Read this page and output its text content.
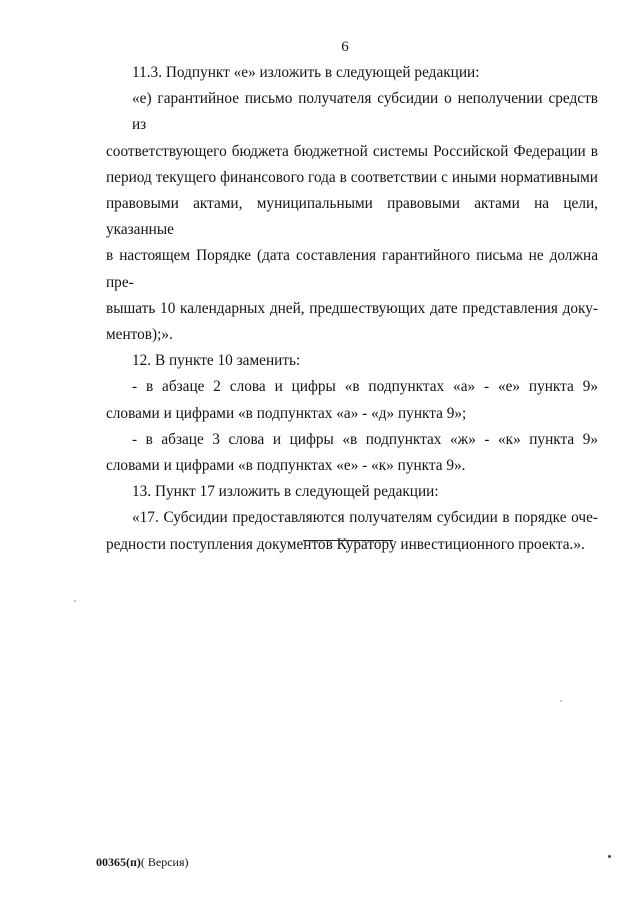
6

11.3. Подпункт «е» изложить в следующей редакции:

«е) гарантийное письмо получателя субсидии о неполучении средств из
соответствующего бюджета бюджетной системы Российской Федерации в
период текущего финансового года в соответствии с иными нормативными
правовыми актами, муниципальными правовыми актами на цели, указанные
в настоящем Порядке (дата составления гарантийного письма не должна пре-
вышать 10 календарных дней, предшествующих дате представления доку-
ментов);».

12. В пункте 10 заменить:

- в абзаце 2 слова и цифры «в подпунктах «а» - «е» пункта 9»
словами и цифрами «в подпунктах «а» - «д» пункта 9»;

- в абзаце 3 слова и цифры «в подпунктах «ж» - «к» пункта 9»
словами и цифрами «в подпунктах «е» - «к» пункта 9».

13. Пункт 17 изложить в следующей редакции:

«17. Субсидии предоставляются получателям субсидии в порядке оче-
редности поступления документов Куратору инвестиционного проекта.».

00365(п)( Версия)
